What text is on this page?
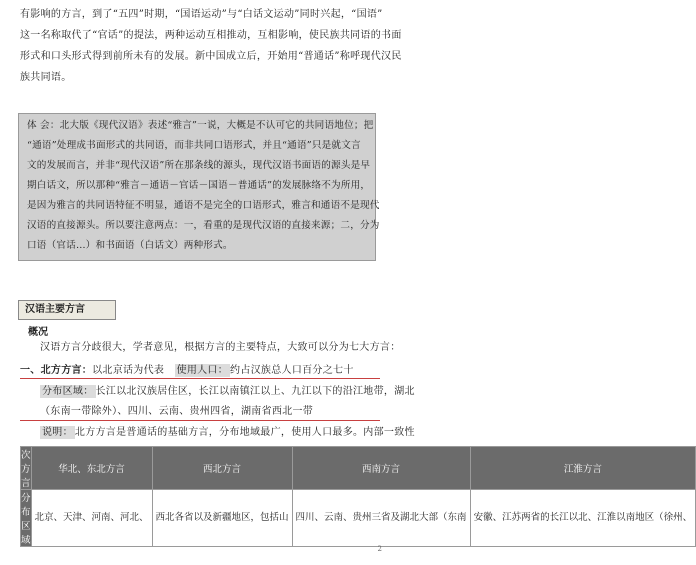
有影响的方言，到了“五四”时期，“国语运动”与“白话文运动”同时兴起，“国语”
这一名称取代了“官话”的提法，两种运动互相推动，互相影响，使民族共同语的书面
形式和口头形式得到前所未有的发展。新中国成立后，开始用“普通话”称呼现代汉民
族共同语。
体 会：北大版《现代汉语》表述“雅言”一说，大概是不认可它的共同语地位；把
“通语”处理成书面形式的共同语，而非共同口语形式，并且“通语”只是就文言
文的发展而言，并非“现代汉语”所在那条线的源头，现代汉语书面语的源头是早
期白话文，所以那种“雅言－通语－官话－国语－普通话”的发展脉络不为所用，
是因为雅言的共同语特征不明显，通语不是完全的口语形式，雅言和通语不是现代
汉语的直接源头。所以要注意两点：一，看重的是现代汉语的直接来源；二，分为
口语（官话…）和书面语（白话文）两种形式。
汉语主要方言
概况
汉语方言分歧很大，学者意见，根据方言的主要特点，大致可以分为七大方言：
一、北方方言：以北京话为代表　 使用人口： 约占汉族总人口百分之七十
分布区域： 长江以北汉族居住区，长江以南镇江以上、九江以下的沿江地带，湖北
（东南一带除外）、四川、云南、贵州四省，湖南省西北一带
说明： 北方方言是普通话的基础方言，分布地域最广，使用人口最多。内部一致性
次方言	华北、东北方言	西北方言	西南方言	江淮方言
分布区域	北京、天津、河南、河北、	西北各省以及新疆地区，包括山	四川、云南、贵州三省及湖北大部（东南	安徽、江苏两省的长江以北、江淮以南地区（徐州、
2
